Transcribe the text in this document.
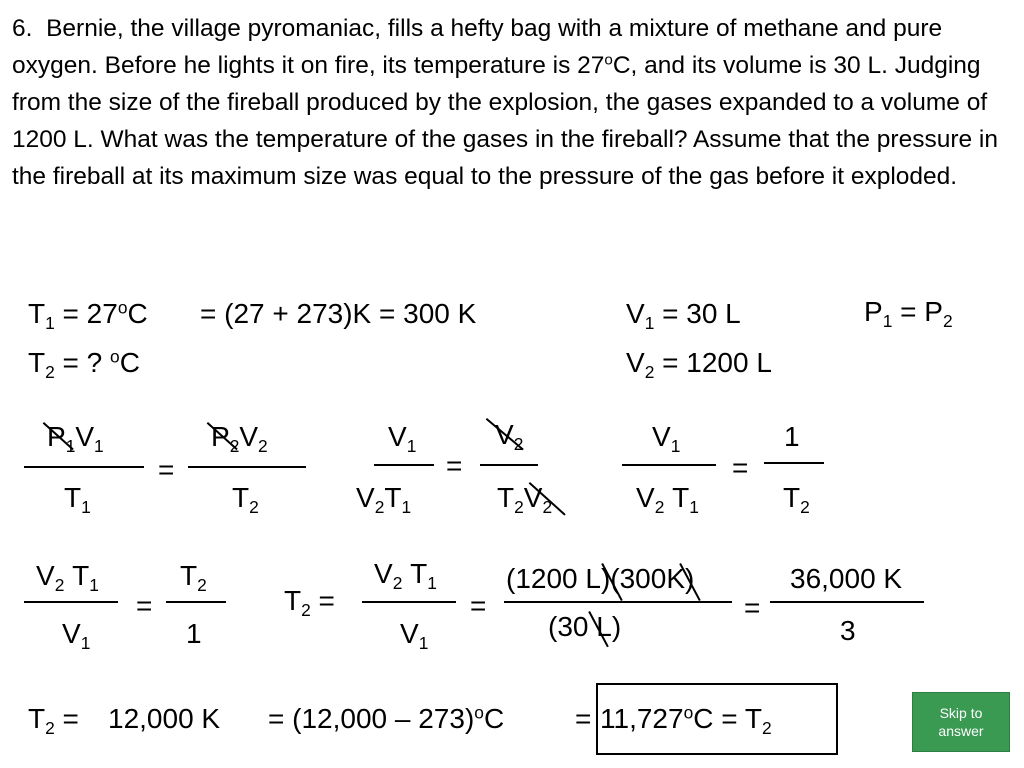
6. Bernie, the village pyromaniac, fills a hefty bag with a mixture of methane and pure oxygen. Before he lights it on fire, its temperature is 27$^o$C, and its volume is 30 L. Judging from the size of the fireball produced by the explosion, the gases expanded to a volume of 1200 L. What was the temperature of the gases in the fireball? Assume that the pressure in the fireball at its maximum size was equal to the pressure of the gas before it exploded.
$T_1 = 27^oC = (27 + 273)K = 300$ K	$V_1 = 30$ L	$P_1 = P_2$
$T_2$ = ? $^o$C	$V_2 = 1200$ L
$P_1V_1$
$T_1$
=
$P_2V_2$
$T_2$
$V_1$
$V_2T_1$
=
$V_2$
$T_2V_2$
$V_1$
$V_2$ $T_1$
=
1
$T_2$
$V_2$ $T_1$
$V_1$
=
$T_2$
1
$T_2$ =
$V_2$ $T_1$
$V_1$
=
(1200 L)(300K)
(30 L)
=
36,000 K
3
$T_2 = 12,000$ K = (12,000 – 273)$^o$C	= $11,727^oC = T_2$
Skip to
answer
